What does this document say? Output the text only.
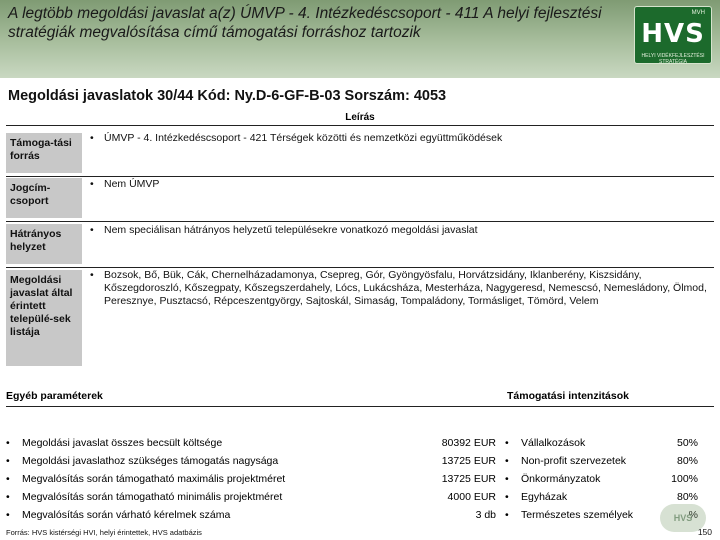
A legtöbb megoldási javaslat a(z) ÚMVP - 4. Intézkedéscsoport - 411 A helyi fejlesztési stratégiák megvalósítása című támogatási forráshoz tartozik
MVH
HVS
HELYI VIDÉKFEJLESZTÉSI STRATÉGIA
Megoldási javaslatok 30/44 Kód: Ny.D-6-GF-B-03 Sorszám: 4053
Leírás
Támoga-tási forrás
• ÚMVP - 4. Intézkedéscsoport - 421 Térségek közötti és nemzetközi együttműködések
Jogcím-csoport
• Nem ÚMVP
Hátrányos helyzet
• Nem speciálisan hátrányos helyzetű településekre vonatkozó megoldási javaslat
Megoldási javaslat által érintett települé-sek listája
• Bozsok, Bő, Bük, Cák, Chernelházadamonya, Csepreg, Gór, Gyöngyösfalu, Horvátzsidány, Iklanberény, Kiszsidány, Kőszegdoroszló, Kőszegpaty, Kőszegszerdahely, Lócs, Lukácsháza, Mesterháza, Nagygeresd, Nemescsó, Nemesládony, Ölmod, Peresznye, Pusztacsó, Répceszentgyörgy, Sajtoskál, Simaság, Tompaládony, Tormásliget, Tömörd, Velem
Egyéb paraméterek	Támogatási intenzitások
• Megoldási javaslat összes becsült költsége	80392 EUR
• Megoldási javaslathoz szükséges támogatás nagysága	13725 EUR
• Megvalósítás során támogatható maximális projektméret	13725 EUR
• Megvalósítás során támogatható minimális projektméret	4000 EUR
• Megvalósítás során várható kérelmek száma	3 db
• Vállalkozások	50%
• Non-profit szervezetek	80%
• Önkormányzatok	100%
• Egyházak	80%
• Természetes személyek	%
HVS
Forrás: HVS kistérségi HVI, helyi érintettek, HVS adatbázis	150
